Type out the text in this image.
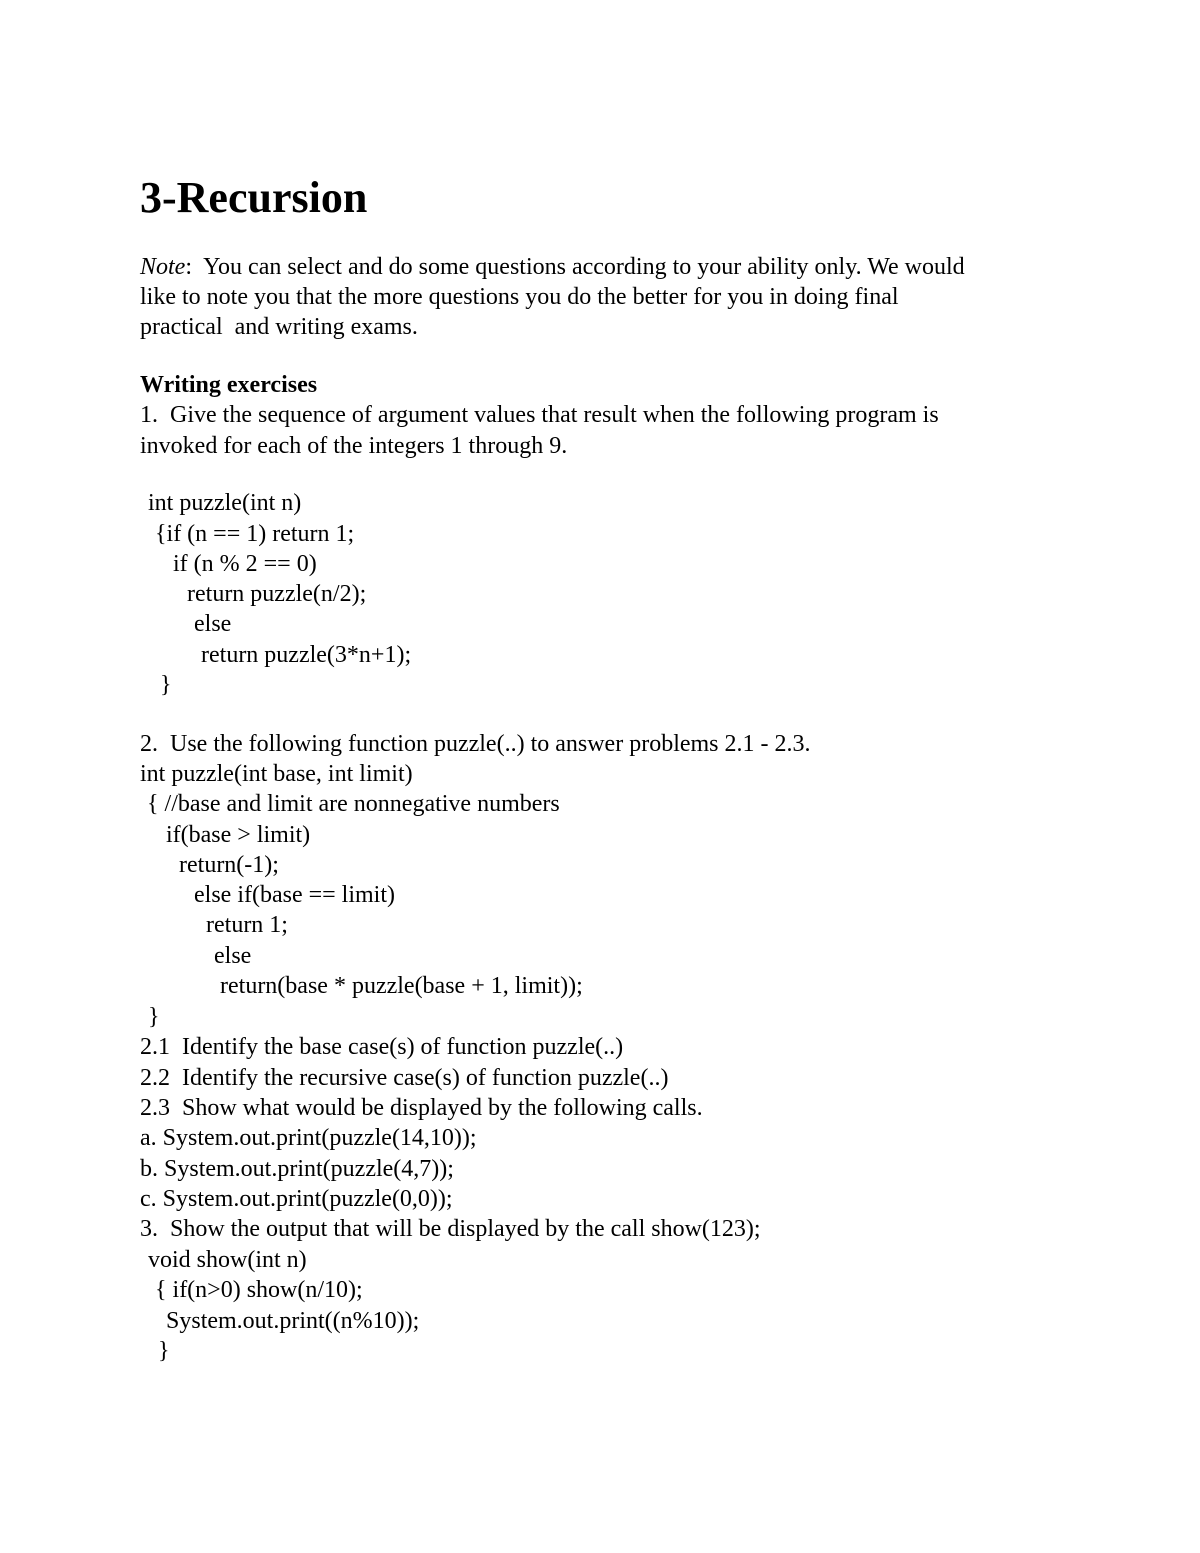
3-Recursion
Note:  You can select and do some questions according to your ability only. We would
like to note you that the more questions you do the better for you in doing final
practical  and writing exams.
Writing exercises
1.  Give the sequence of argument values that result when the following program is
invoked for each of the integers 1 through 9.
int puzzle(int n)
{if (n == 1) return 1;
if (n % 2 == 0)
return puzzle(n/2);
else
return puzzle(3*n+1);
}
2.  Use the following function puzzle(..) to answer problems 2.1 - 2.3.
int puzzle(int base, int limit)
{ //base and limit are nonnegative numbers
if(base > limit)
return(-1);
else if(base == limit)
return 1;
else
return(base * puzzle(base + 1, limit));
}
2.1  Identify the base case(s) of function puzzle(..)
2.2  Identify the recursive case(s) of function puzzle(..)
2.3  Show what would be displayed by the following calls.
a. System.out.print(puzzle(14,10));
b. System.out.print(puzzle(4,7));
c. System.out.print(puzzle(0,0));
3.  Show the output that will be displayed by the call show(123);
void show(int n)
{ if(n>0) show(n/10);
System.out.print((n%10));
}
